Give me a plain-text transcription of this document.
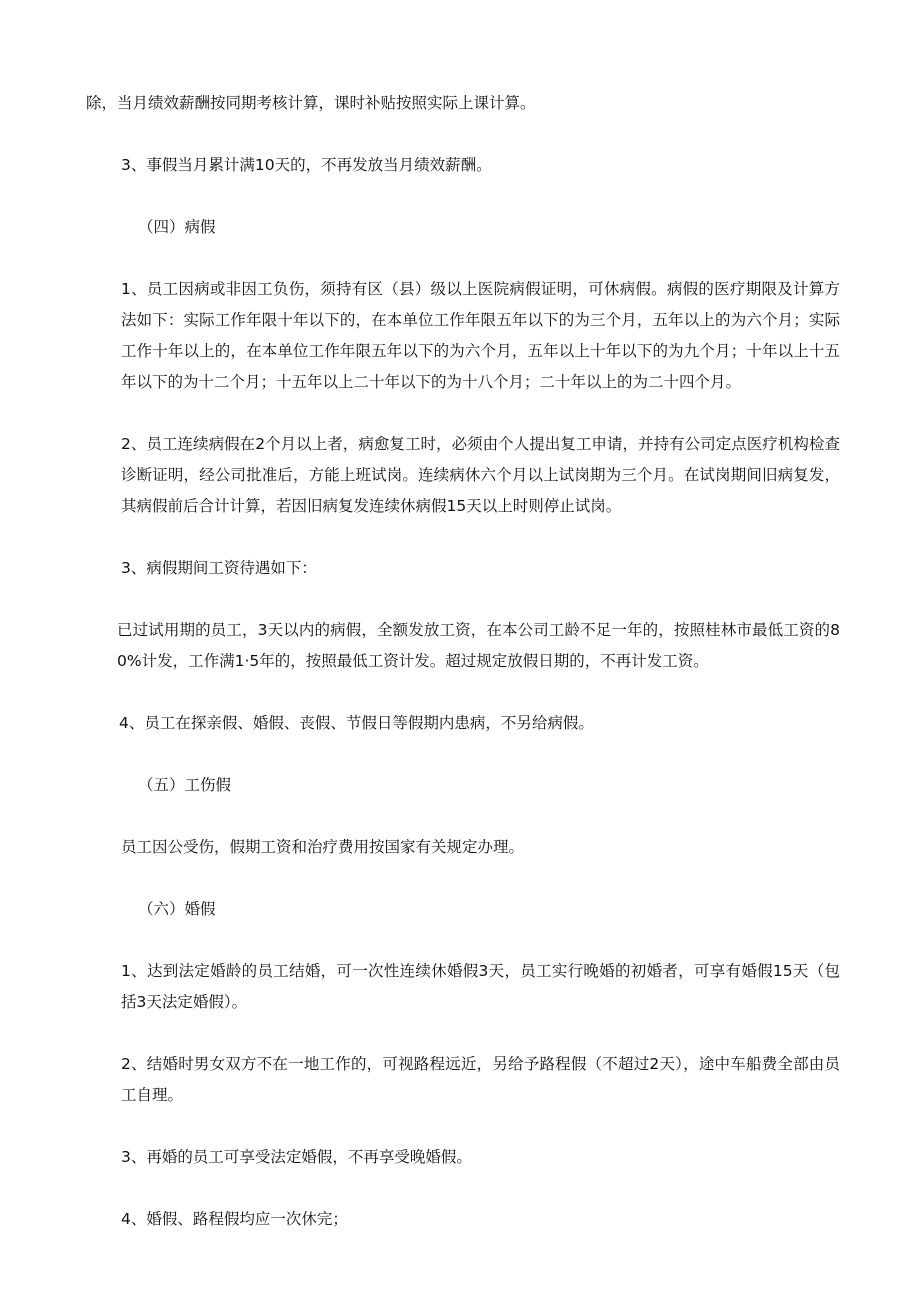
除，当月绩效薪酬按同期考核计算，课时补贴按照实际上课计算。

3、事假当月累计满10天的，不再发放当月绩效薪酬。

（四）病假

1、员工因病或非因工负伤，须持有区（县）级以上医院病假证明，可休病假。病假的医疗期限及计算方法如下：实际工作年限十年以下的，在本单位工作年限五年以下的为三个月，五年以上的为六个月；实际工作十年以上的，在本单位工作年限五年以下的为六个月，五年以上十年以下的为九个月；十年以上十五年以下的为十二个月；十五年以上二十年以下的为十八个月；二十年以上的为二十四个月。

2、员工连续病假在2个月以上者，病愈复工时，必须由个人提出复工申请，并持有公司定点医疗机构检查诊断证明，经公司批准后，方能上班试岗。连续病休六个月以上试岗期为三个月。在试岗期间旧病复发，其病假前后合计计算，若因旧病复发连续休病假15天以上时则停止试岗。

3、病假期间工资待遇如下：

已过试用期的员工，3天以内的病假，全额发放工资，在本公司工龄不足一年的，按照桂林市最低工资的80%计发，工作满1·5年的，按照最低工资计发。超过规定放假日期的，不再计发工资。

4、员工在探亲假、婚假、丧假、节假日等假期内患病，不另给病假。

（五）工伤假

员工因公受伤，假期工资和治疗费用按国家有关规定办理。

（六）婚假

1、达到法定婚龄的员工结婚，可一次性连续休婚假3天，员工实行晚婚的初婚者，可享有婚假15天（包括3天法定婚假）。

2、结婚时男女双方不在一地工作的，可视路程远近，另给予路程假（不超过2天），途中车船费全部由员工自理。

3、再婚的员工可享受法定婚假，不再享受晚婚假。

4、婚假、路程假均应一次休完；
